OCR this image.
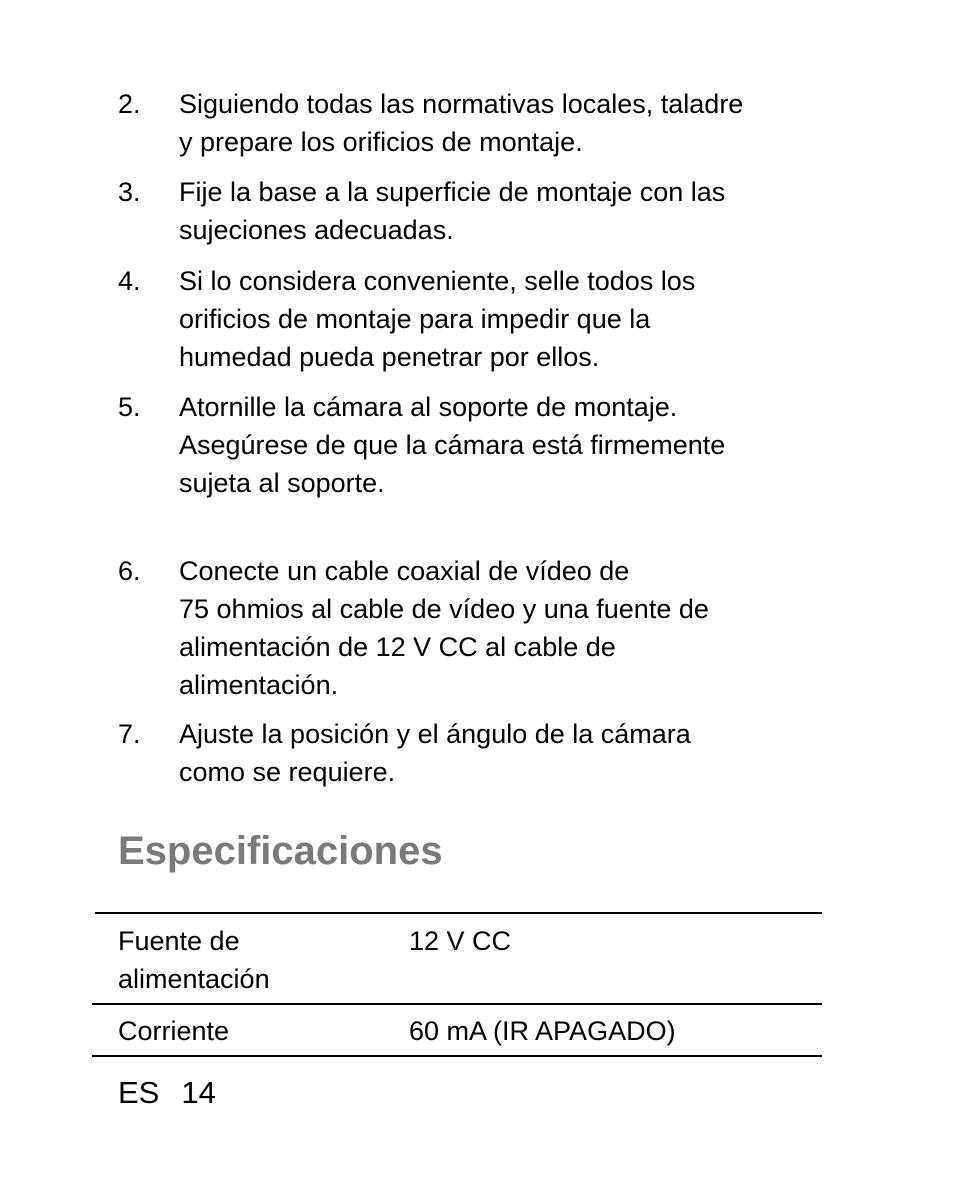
2. Siguiendo todas las normativas locales, taladre
y prepare los orificios de montaje.
3. Fije la base a la superficie de montaje con las
sujeciones adecuadas.
4. Si lo considera conveniente, selle todos los
orificios de montaje para impedir que la
humedad pueda penetrar por ellos.
5. Atornille la cámara al soporte de montaje.
Asegúrese de que la cámara está firmemente
sujeta al soporte.
6. Conecte un cable coaxial de vídeo de
75 ohmios al cable de vídeo y una fuente de
alimentación de 12 V CC al cable de
alimentación.
7. Ajuste la posición y el ángulo de la cámara
como se requiere.
Especificaciones
Fuente de
alimentación
12 V CC
Corriente	60 mA (IR APAGADO)
ES 14
